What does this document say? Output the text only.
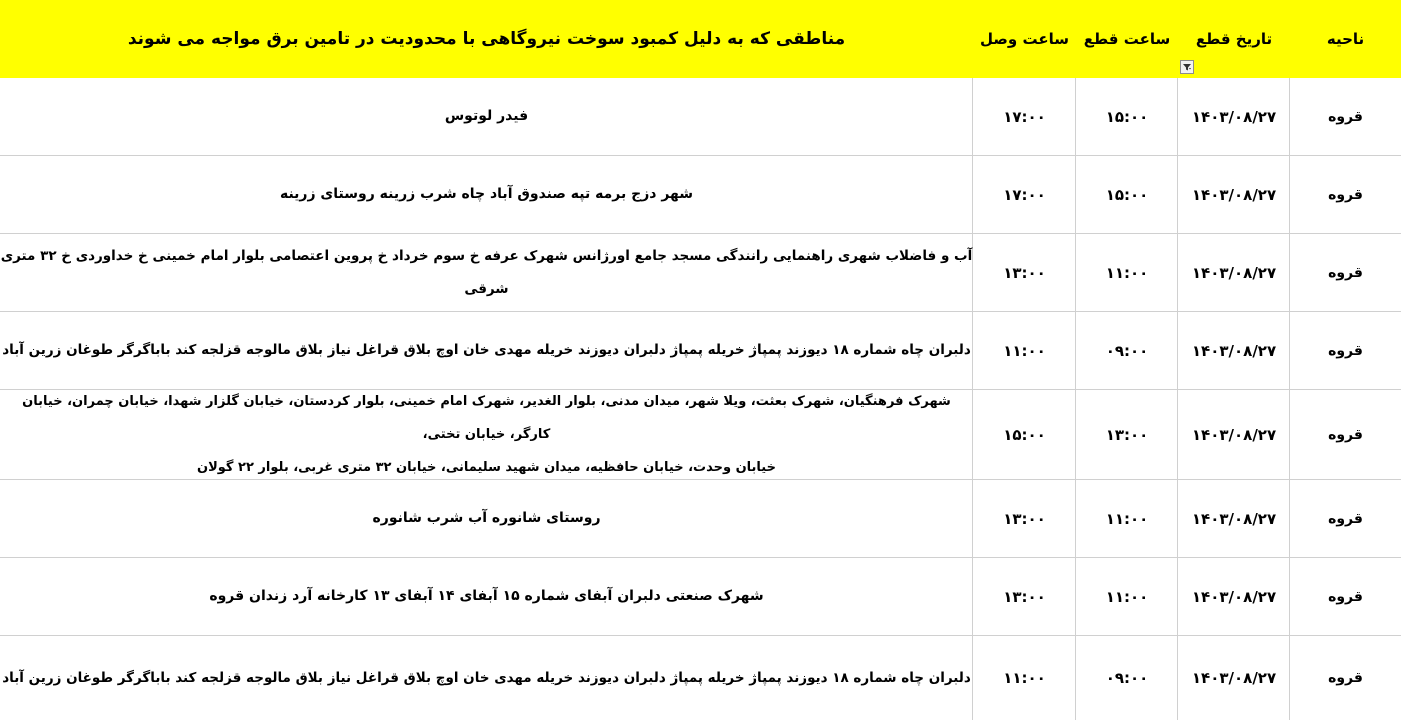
ناحیه
تاریخ قطع
ساعت قطع
ساعت وصل
مناطقی که به دلیل کمبود سوخت نیروگاهی با محدودیت در تامین برق مواجه می شوند
قروه
۱۴۰۳/۰۸/۲۷
۱۵:۰۰
۱۷:۰۰
فیدر لوتوس
قروه
۱۴۰۳/۰۸/۲۷
۱۵:۰۰
۱۷:۰۰
شهر دزج برمه تپه صندوق آباد چاه شرب زرینه روستای زرینه
قروه
۱۴۰۳/۰۸/۲۷
۱۱:۰۰
۱۳:۰۰
آب و فاضلاب شهری راهنمایی رانندگی مسجد جامع اورژانس شهرک عرفه خ سوم خرداد خ پروین اعتصامی بلوار امام خمینی خ خداوردی خ ۳۲ متری شرقی
قروه
۱۴۰۳/۰۸/۲۷
۰۹:۰۰
۱۱:۰۰
دلبران چاه شماره ۱۸ دیوزند پمپاژ خریله پمپاژ دلبران دیوزند خریله مهدی خان اوچ بلاق قراغل نیاز بلاق مالوجه قزلجه کند باباگرگر طوغان زرین آباد
قروه
۱۴۰۳/۰۸/۲۷
۱۳:۰۰
۱۵:۰۰
شهرک فرهنگیان، شهرک بعثت، ویلا شهر، میدان مدنی، بلوار الغدیر، شهرک امام خمینی، بلوار کردستان، خیابان گلزار شهدا، خیابان چمران، خیابان کارگر، خیابان تختی،
خیابان وحدت، خیابان حافظیه، میدان شهید سلیمانی، خیابان ۳۲ متری غربی، بلوار ۲۲ گولان
قروه
۱۴۰۳/۰۸/۲۷
۱۱:۰۰
۱۳:۰۰
روستای شانوره آب شرب شانوره
قروه
۱۴۰۳/۰۸/۲۷
۱۱:۰۰
۱۳:۰۰
شهرک صنعتی دلبران آبفای شماره ۱۵ آبفای ۱۴ آبفای ۱۳ کارخانه آرد زندان قروه
قروه
۱۴۰۳/۰۸/۲۷
۰۹:۰۰
۱۱:۰۰
دلبران چاه شماره ۱۸ دیوزند پمپاژ خریله پمپاژ دلبران دیوزند خریله مهدی خان اوچ بلاق قراغل نیاز بلاق مالوجه قزلجه کند باباگرگر طوغان زرین آباد
